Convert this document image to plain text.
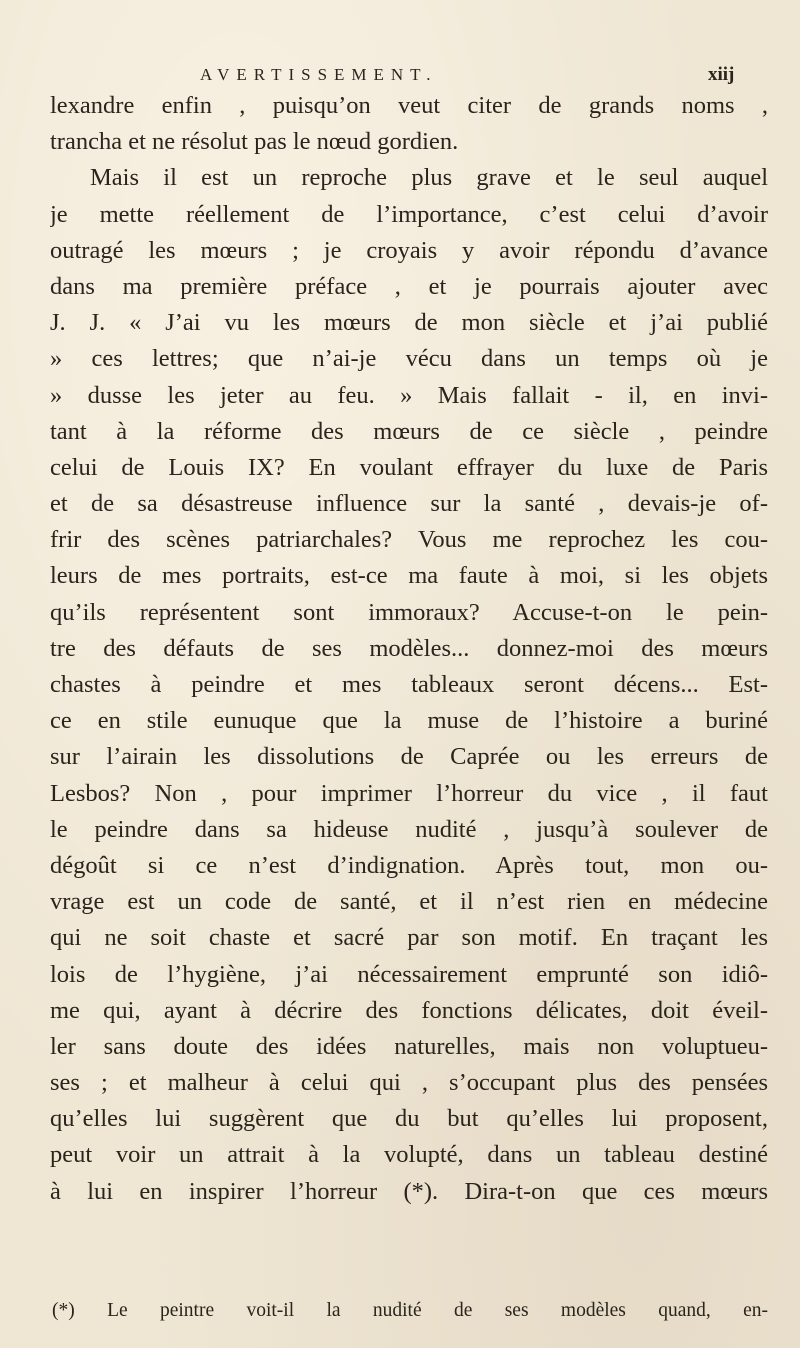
AVERTISSEMENT.	xiij
lexandre enfin , puisqu’on veut citer de grands noms ,
trancha et ne résolut pas le nœud gordien.
Mais il est un reproche plus grave et le seul auquel
je mette réellement de l’importance, c’est celui d’avoir
outragé les mœurs ; je croyais y avoir répondu d’avance
dans ma première préface , et je pourrais ajouter avec
J. J. « J’ai vu les mœurs de mon siècle et j’ai publié
» ces lettres; que n’ai-je vécu dans un temps où je
» dusse les jeter au feu. » Mais fallait - il, en invi-
tant à la réforme des mœurs de ce siècle , peindre
celui de Louis IX? En voulant effrayer du luxe de Paris
et de sa désastreuse influence sur la santé , devais-je of-
frir des scènes patriarchales? Vous me reprochez les cou-
leurs de mes portraits, est-ce ma faute à moi, si les objets
qu’ils représentent sont immoraux? Accuse-t-on le pein-
tre des défauts de ses modèles... donnez-moi des mœurs
chastes à peindre et mes tableaux seront décens... Est-
ce en stile eunuque que la muse de l’histoire a buriné
sur l’airain les dissolutions de Caprée ou les erreurs de
Lesbos? Non , pour imprimer l’horreur du vice , il faut
le peindre dans sa hideuse nudité , jusqu’à soulever de
dégoût si ce n’est d’indignation. Après tout, mon ou-
vrage est un code de santé, et il n’est rien en médecine
qui ne soit chaste et sacré par son motif. En traçant les
lois de l’hygiène, j’ai nécessairement emprunté son idiô-
me qui, ayant à décrire des fonctions délicates, doit éveil-
ler sans doute des idées naturelles, mais non voluptueu-
ses ; et malheur à celui qui , s’occupant plus des pensées
qu’elles lui suggèrent que du but qu’elles lui proposent,
peut voir un attrait à la volupté, dans un tableau destiné
à lui en inspirer l’horreur (*). Dira-t-on que ces mœurs
(*) Le peintre voit-il la nudité de ses modèles quand, en-
